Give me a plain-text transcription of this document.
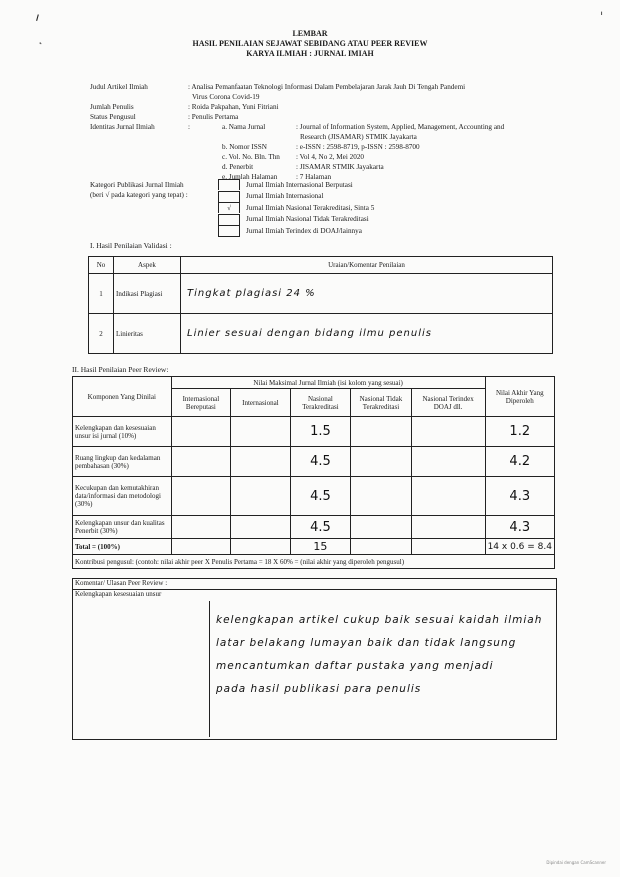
ı
˛
ˌ
LEMBAR
HASIL PENILAIAN SEJAWAT SEBIDANG ATAU PEER REVIEW
KARYA ILMIAH : JURNAL IMIAH
Judul Artikel Ilmiah	: Analisa Pemanfaatan Teknologi Informasi Dalam Pembelajaran Jarak Jauh Di Tengah Pandemi
Virus Corona Covid-19
Jumlah Penulis	: Roida Pakpahan, Yuni Fitriani
Status Pengusul	: Penulis Pertama
Identitas Jurnal Ilmiah	:	a. Nama Jurnal	: Journal of Information System, Applied, Management, Accounting and
Research (JISAMAR) STMIK Jayakarta
b. Nomor ISSN	: e-ISSN : 2598-8719, p-ISSN : 2598-8700
c. Vol. No. Bln. Thn	: Vol 4, No 2, Mei 2020
d. Penerbit	: JISAMAR STMIK Jayakarta
e. Jumlah Halaman	: 7 Halaman
Kategori Publikasi Jurnal Ilmiah
(beri √ pada kategori yang tepat) :
Jurnal Ilmiah Internasional Berputasi
Jurnal Ilmiah Internasional
√	Jurnal Ilmiah Nasional Terakreditasi, Sinta 5
Jurnal Ilmiah Nasional Tidak Terakreditasi
Jurnal Ilmiah Terindex di DOAJ/lainnya
I. Hasil Penilaian Validasi :
No	Aspek	Uraian/Komentar Penilaian
1	Indikasi Plagiasi	Tingkat plagiasi 24 %
2	Linieritas	Linier sesuai dengan bidang ilmu penulis
II. Hasil Penilaian Peer Review:
Komponen Yang Dinilai	Nilai Maksimal Jurnal Ilmiah (isi kolom yang sesuai)					Nilai Akhir Yang Diperoleh
	Internasional Bereputasi	Internasional	Nasional Terakreditasi	Nasional Tidak Terakreditasi	Nasional Terindex DOAJ dll.	
Kelengkapan dan kesesuaian unsur isi jurnal (10%)			1.5			1.2
Ruang lingkup dan kedalaman pembahasan (30%)			4.5			4.2
Kecukupan dan kemutakhiran data/informasi dan metodologi (30%)			4.5			4.3
Kelengkapan unsur dan kualitas Penerbit (30%)			4.5			4.3
Total = (100%)			15			14 x 0.6 = 8.4
Kontribusi pengusul: (contoh: nilai akhir peer X Penulis Pertama = 18 X 60% = (nilai akhir yang diperoleh pengusul)						
Komentar/ Ulasan Peer Review :
Kelengkapan kesesuaian unsur
kelengkapan artikel cukup baik sesuai kaidah ilmiah
latar belakang lumayan baik dan tidak langsung
mencantumkan daftar pustaka yang menjadi
pada hasil publikasi para penulis
Dipindai dengan CamScanner
